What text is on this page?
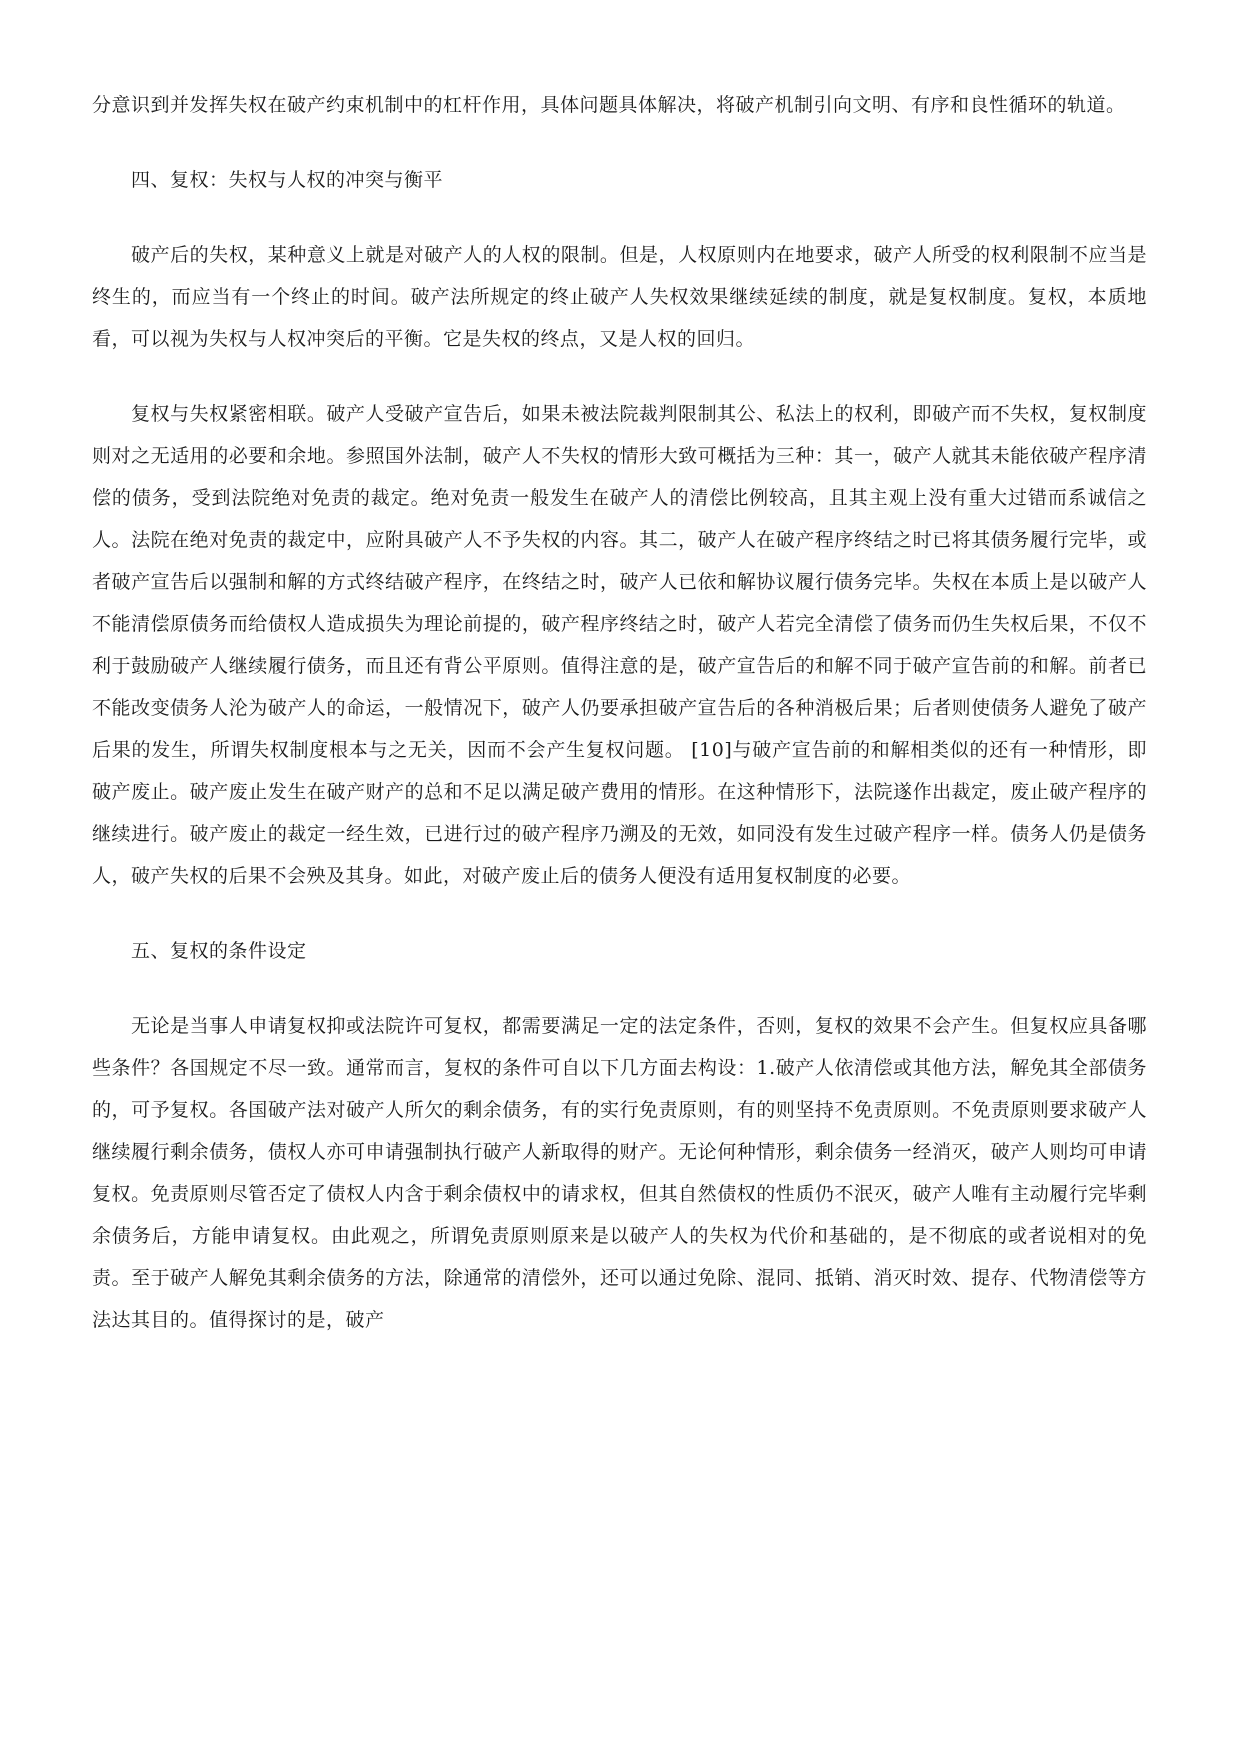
分意识到并发挥失权在破产约束机制中的杠杆作用，具体问题具体解决，将破产机制引向文明、有序和良性循环的轨道。

四、复权：失权与人权的冲突与衡平

破产后的失权，某种意义上就是对破产人的人权的限制。但是，人权原则内在地要求，破产人所受的权利限制不应当是终生的，而应当有一个终止的时间。破产法所规定的终止破产人失权效果继续延续的制度，就是复权制度。复权，本质地看，可以视为失权与人权冲突后的平衡。它是失权的终点，又是人权的回归。

复权与失权紧密相联。破产人受破产宣告后，如果未被法院裁判限制其公、私法上的权利，即破产而不失权，复权制度则对之无适用的必要和余地。参照国外法制，破产人不失权的情形大致可概括为三种：其一，破产人就其未能依破产程序清偿的债务，受到法院绝对免责的裁定。绝对免责一般发生在破产人的清偿比例较高，且其主观上没有重大过错而系诚信之人。法院在绝对免责的裁定中，应附具破产人不予失权的内容。其二，破产人在破产程序终结之时已将其债务履行完毕，或者破产宣告后以强制和解的方式终结破产程序，在终结之时，破产人已依和解协议履行债务完毕。失权在本质上是以破产人不能清偿原债务而给债权人造成损失为理论前提的，破产程序终结之时，破产人若完全清偿了债务而仍生失权后果，不仅不利于鼓励破产人继续履行债务，而且还有背公平原则。值得注意的是，破产宣告后的和解不同于破产宣告前的和解。前者已不能改变债务人沦为破产人的命运，一般情况下，破产人仍要承担破产宣告后的各种消极后果；后者则使债务人避免了破产后果的发生，所谓失权制度根本与之无关，因而不会产生复权问题。 [10]与破产宣告前的和解相类似的还有一种情形，即破产废止。破产废止发生在破产财产的总和不足以满足破产费用的情形。在这种情形下，法院遂作出裁定，废止破产程序的继续进行。破产废止的裁定一经生效，已进行过的破产程序乃溯及的无效，如同没有发生过破产程序一样。债务人仍是债务人，破产失权的后果不会殃及其身。如此，对破产废止后的债务人便没有适用复权制度的必要。

五、复权的条件设定

无论是当事人申请复权抑或法院许可复权，都需要满足一定的法定条件，否则，复权的效果不会产生。但复权应具备哪些条件？各国规定不尽一致。通常而言，复权的条件可自以下几方面去构设：1.破产人依清偿或其他方法，解免其全部债务的，可予复权。各国破产法对破产人所欠的剩余债务，有的实行免责原则，有的则坚持不免责原则。不免责原则要求破产人继续履行剩余债务，债权人亦可申请强制执行破产人新取得的财产。无论何种情形，剩余债务一经消灭，破产人则均可申请复权。免责原则尽管否定了债权人内含于剩余债权中的请求权，但其自然债权的性质仍不泯灭，破产人唯有主动履行完毕剩余债务后，方能申请复权。由此观之，所谓免责原则原来是以破产人的失权为代价和基础的，是不彻底的或者说相对的免责。至于破产人解免其剩余债务的方法，除通常的清偿外，还可以通过免除、混同、抵销、消灭时效、提存、代物清偿等方法达其目的。值得探讨的是，破产
